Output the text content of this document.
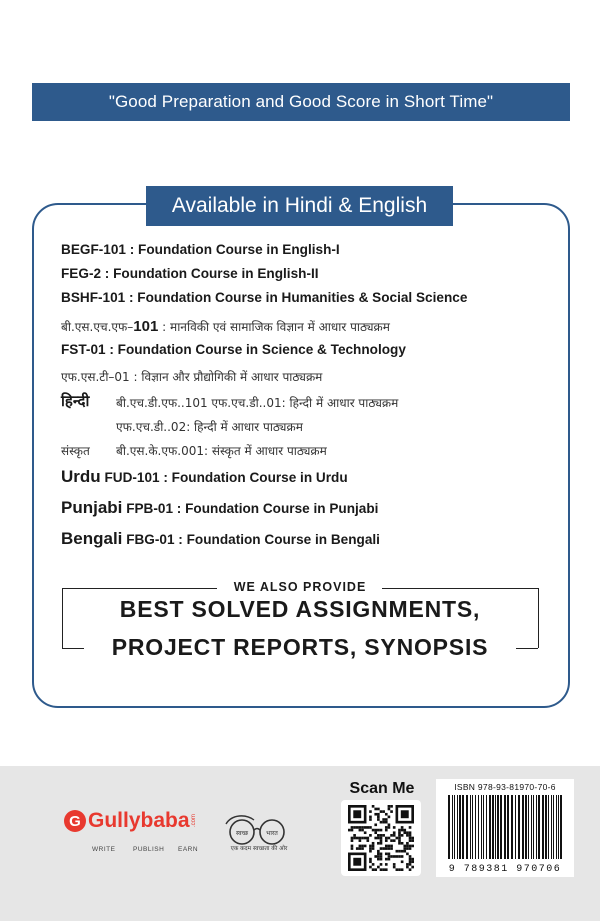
"Good Preparation and Good Score in Short Time"
Available in Hindi & English
BEGF-101 : Foundation Course in English-I
FEG-2 : Foundation Course in English-II
BSHF-101 : Foundation Course in Humanities & Social Science
बी.एस.एच.एफ–101 : मानविकी एवं सामाजिक विज्ञान में आधार पाठ्यक्रम
FST-01 : Foundation Course in Science & Technology
एफ.एस.टी–01 : विज्ञान और प्रौद्योगिकी में आधार पाठ्यक्रम
हिन्दी बी.एच.डी.एफ..101 एफ.एच.डी..01: हिन्दी में आधार पाठ्यक्रम
एफ.एच.डी..02: हिन्दी में आधार पाठ्यक्रम
संस्कृत बी.एस.के.एफ.001: संस्कृत में आधार पाठ्यक्रम
Urdu FUD-101 : Foundation Course in Urdu
Punjabi FPB-01 : Foundation Course in Punjabi
Bengali FBG-01 : Foundation Course in Bengali
WE ALSO PROVIDE
BEST SOLVED ASSIGNMENTS,
PROJECT REPORTS, SYNOPSIS
G Gullybaba .com
WRITE	PUBLISH EARN
स्वच्छ	भारत
एक कदम स्वच्छता की ओर
Scan Me	ISBN 978-93-81970-70-6
9 789381 970706
